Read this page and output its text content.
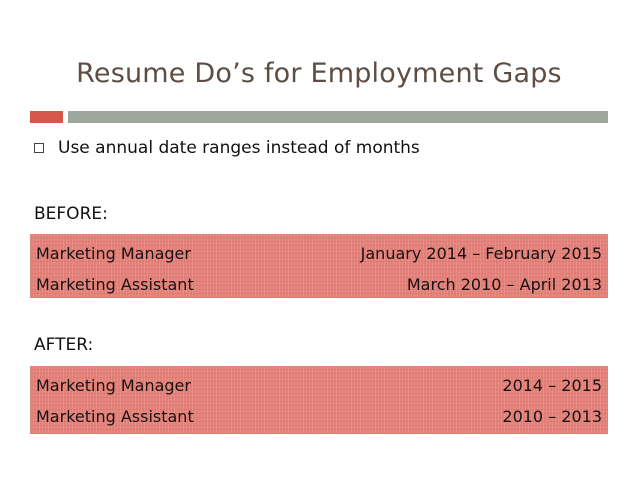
Resume Do’s for Employment Gaps
Use annual date ranges instead of months
BEFORE:
Marketing Manager	January 2014 – February 2015
Marketing Assistant	March 2010 – April 2013
AFTER:
Marketing Manager	2014 – 2015
Marketing Assistant	2010 – 2013
